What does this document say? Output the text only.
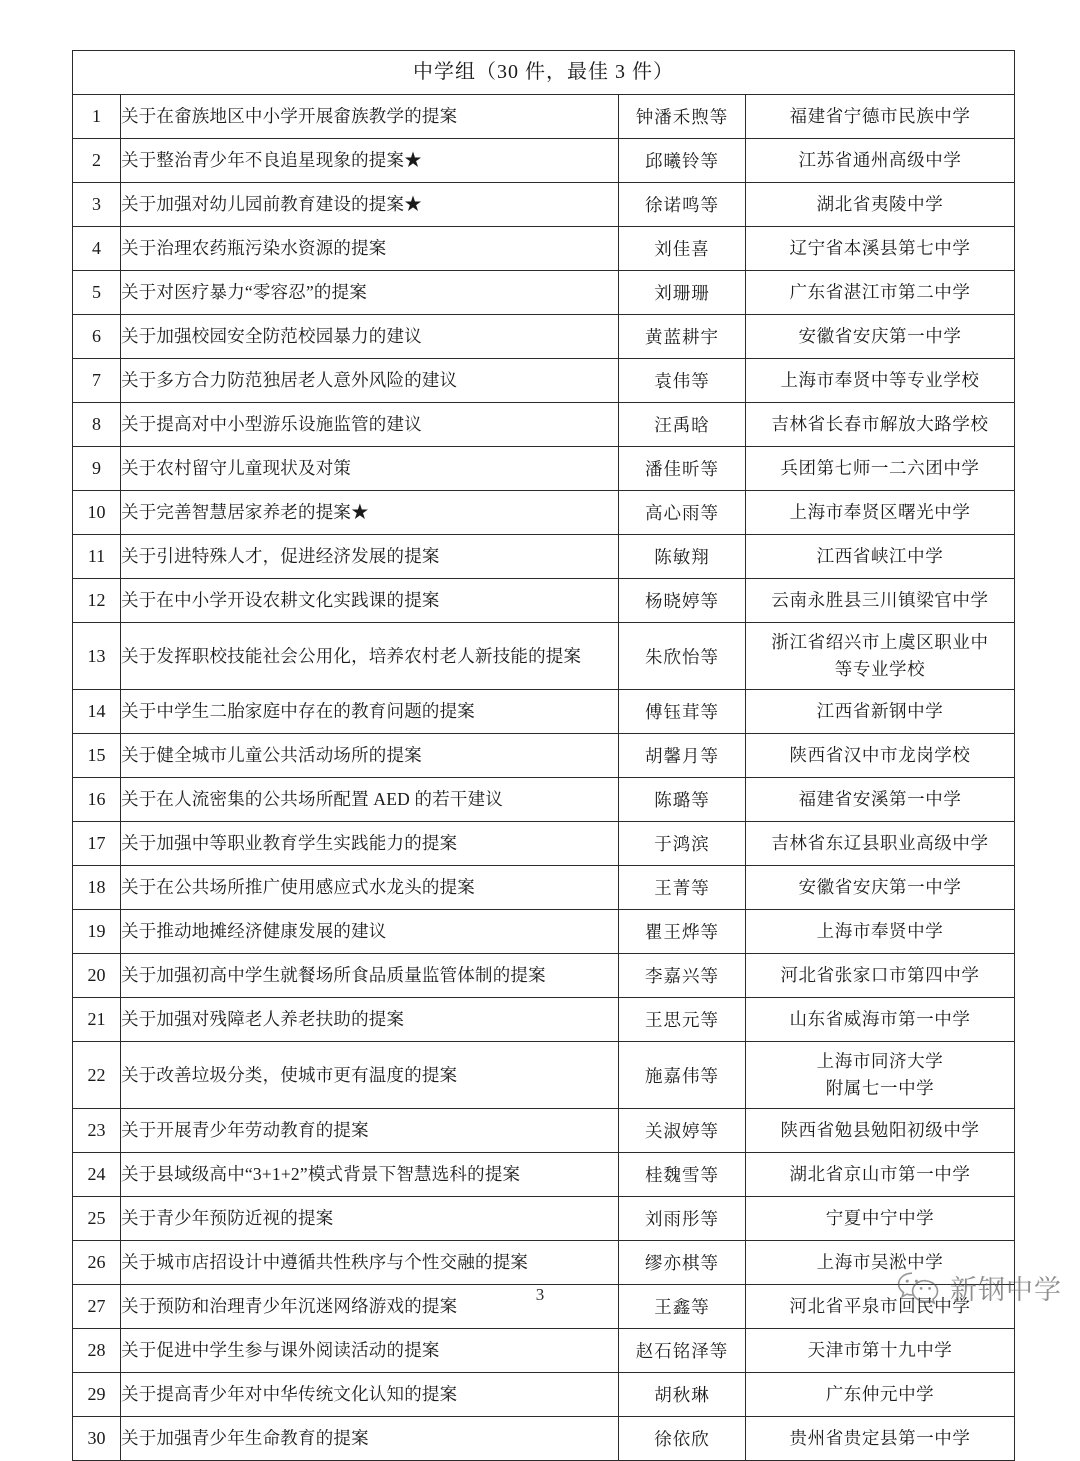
中学组（30 件，最佳 3 件）			
1	关于在畲族地区中小学开展畲族教学的提案	钟潘禾煦等	福建省宁德市民族中学

2	关于整治青少年不良追星现象的提案★	邱曦铃等	江苏省通州高级中学

3	关于加强对幼儿园前教育建设的提案★	徐诺鸣等	湖北省夷陵中学

4	关于治理农药瓶污染水资源的提案	刘佳喜	辽宁省本溪县第七中学

5	关于对医疗暴力“零容忍”的提案	刘珊珊	广东省湛江市第二中学

6	关于加强校园安全防范校园暴力的建议	黄蓝耕宇	安徽省安庆第一中学

7	关于多方合力防范独居老人意外风险的建议	袁伟等	上海市奉贤中等专业学校

8	关于提高对中小型游乐设施监管的建议	汪禹晗	吉林省长春市解放大路学校

9	关于农村留守儿童现状及对策	潘佳昕等	兵团第七师一二六团中学

10	关于完善智慧居家养老的提案★	高心雨等	上海市奉贤区曙光中学

11	关于引进特殊人才，促进经济发展的提案	陈敏翔	江西省峡江中学

12	关于在中小学开设农耕文化实践课的提案	杨晓婷等	云南永胜县三川镇梁官中学

13	关于发挥职校技能社会公用化，培养农村老人新技能的提案	朱欣怡等	浙江省绍兴市上虞区职业中
等专业学校

14	关于中学生二胎家庭中存在的教育问题的提案	傅钰茸等	江西省新钢中学

15	关于健全城市儿童公共活动场所的提案	胡馨月等	陕西省汉中市龙岗学校

16	关于在人流密集的公共场所配置 AED 的若干建议	陈璐等	福建省安溪第一中学

17	关于加强中等职业教育学生实践能力的提案	于鸿滨	吉林省东辽县职业高级中学

18	关于在公共场所推广使用感应式水龙头的提案	王菁等	安徽省安庆第一中学

19	关于推动地摊经济健康发展的建议	瞿王烨等	上海市奉贤中学

20	关于加强初高中学生就餐场所食品质量监管体制的提案	李嘉兴等	河北省张家口市第四中学

21	关于加强对残障老人养老扶助的提案	王思元等	山东省威海市第一中学

22	关于改善垃圾分类，使城市更有温度的提案	施嘉伟等	上海市同济大学
附属七一中学

23	关于开展青少年劳动教育的提案	关淑婷等	陕西省勉县勉阳初级中学

24	关于县域级高中“3+1+2”模式背景下智慧选科的提案	桂魏雪等	湖北省京山市第一中学

25	关于青少年预防近视的提案	刘雨彤等	宁夏中宁中学

26	关于城市店招设计中遵循共性秩序与个性交融的提案	缪亦棋等	上海市吴淞中学

27	关于预防和治理青少年沉迷网络游戏的提案	王鑫等	河北省平泉市回民中学

28	关于促进中学生参与课外阅读活动的提案	赵石铭泽等	天津市第十九中学

29	关于提高青少年对中华传统文化认知的提案	胡秋琳	广东仲元中学

30	关于加强青少年生命教育的提案	徐依欣	贵州省贵定县第一中学
3	新钢中学
